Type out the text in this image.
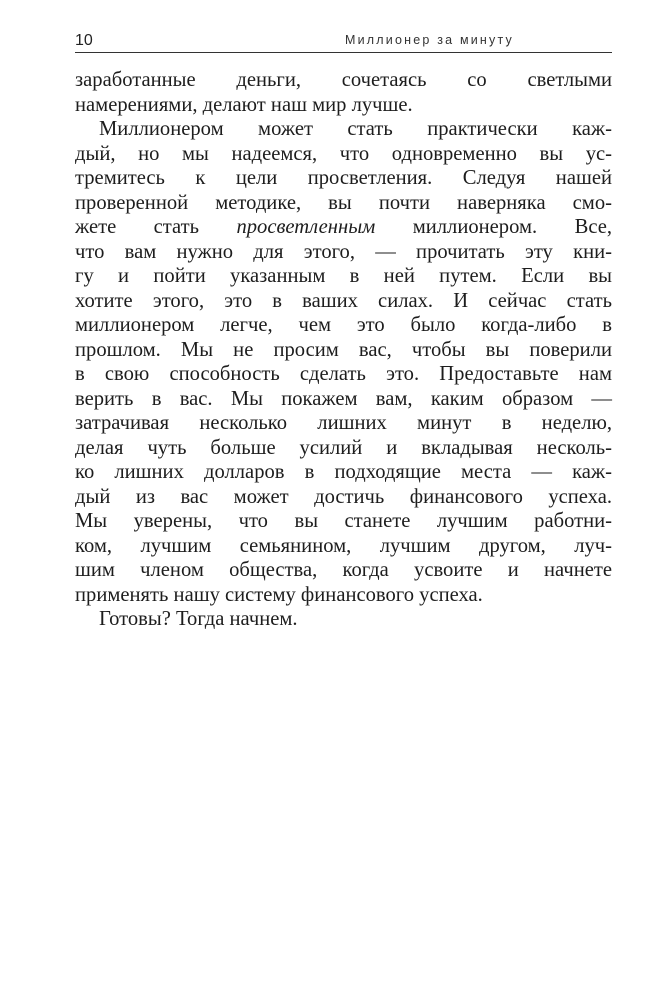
10	Миллионер за минуту
заработанные деньги, сочетаясь со светлыми
намерениями, делают наш мир лучше.
Миллионером может стать практически каж-
дый, но мы надеемся, что одновременно вы ус-
тремитесь к цели просветления. Следуя нашей
проверенной методике, вы почти наверняка смо-
жете стать просветленным миллионером. Все,
что вам нужно для этого, — прочитать эту кни-
гу и пойти указанным в ней путем. Если вы
хотите этого, это в ваших силах. И сейчас стать
миллионером легче, чем это было когда-либо в
прошлом. Мы не просим вас, чтобы вы поверили
в свою способность сделать это. Предоставьте нам
верить в вас. Мы покажем вам, каким образом —
затрачивая несколько лишних минут в неделю,
делая чуть больше усилий и вкладывая несколь-
ко лишних долларов в подходящие места — каж-
дый из вас может достичь финансового успеха.
Мы уверены, что вы станете лучшим работни-
ком, лучшим семьянином, лучшим другом, луч-
шим членом общества, когда усвоите и начнете
применять нашу систему финансового успеха.
Готовы? Тогда начнем.
